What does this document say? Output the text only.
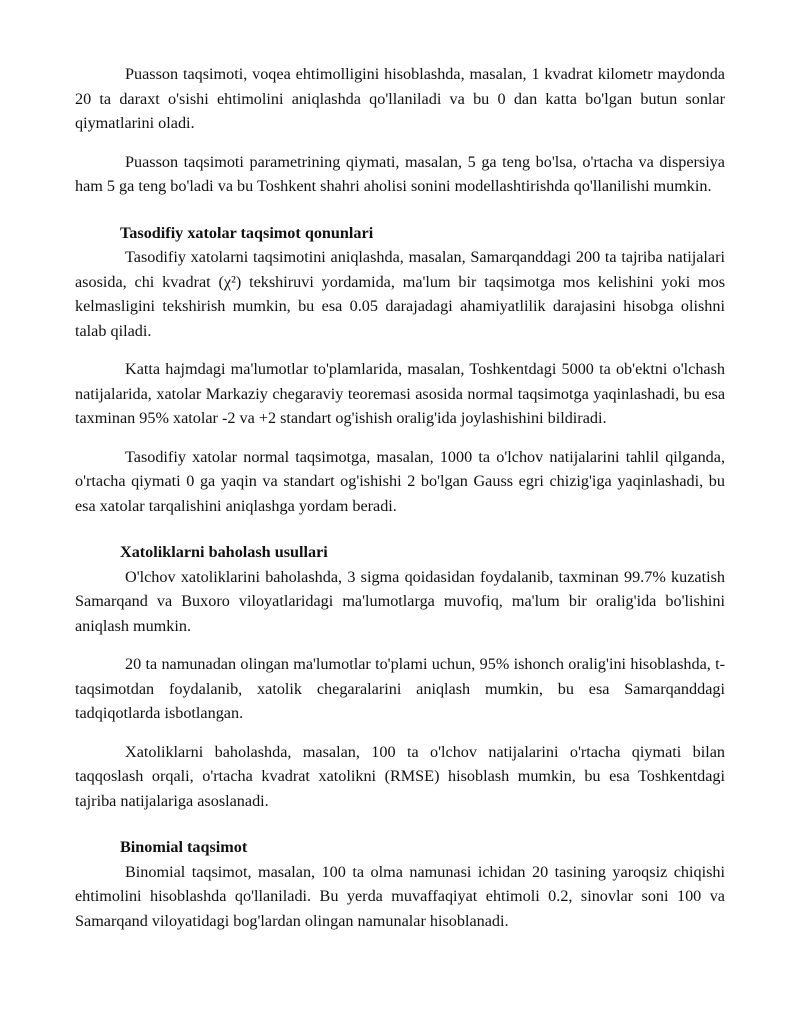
Puasson taqsimoti, voqea ehtimolligini hisoblashda, masalan, 1 kvadrat kilometr maydonda 20 ta daraxt o'sishi ehtimolini aniqlashda qo'llaniladi va bu 0 dan katta bo'lgan butun sonlar qiymatlarini oladi.

Puasson taqsimoti parametrining qiymati, masalan, 5 ga teng bo'lsa, o'rtacha va dispersiya ham 5 ga teng bo'ladi va bu Toshkent shahri aholisi sonini modellashtirishda qo'llanilishi mumkin.

Tasodifiy xatolar taqsimot qonunlari

Tasodifiy xatolarni taqsimotini aniqlashda, masalan, Samarqanddagi 200 ta tajriba natijalari asosida, chi kvadrat (χ²) tekshiruvi yordamida, ma'lum bir taqsimotga mos kelishini yoki mos kelmasligini tekshirish mumkin, bu esa 0.05 darajadagi ahamiyatlilik darajasini hisobga olishni talab qiladi.

Katta hajmdagi ma'lumotlar to'plamlarida, masalan, Toshkentdagi 5000 ta ob'ektni o'lchash natijalarida, xatolar Markaziy chegaraviy teoremasi asosida normal taqsimotga yaqinlashadi, bu esa taxminan 95% xatolar -2 va +2 standart og'ishish oralig'ida joylashishini bildiradi.

Tasodifiy xatolar normal taqsimotga, masalan, 1000 ta o'lchov natijalarini tahlil qilganda, o'rtacha qiymati 0 ga yaqin va standart og'ishishi 2 bo'lgan Gauss egri chizig'iga yaqinlashadi, bu esa xatolar tarqalishini aniqlashga yordam beradi.

Xatoliklarni baholash usullari

O'lchov xatoliklarini baholashda, 3 sigma qoidasidan foydalanib, taxminan 99.7% kuzatish Samarqand va Buxoro viloyatlaridagi ma'lumotlarga muvofiq, ma'lum bir oralig'ida bo'lishini aniqlash mumkin.

20 ta namunadan olingan ma'lumotlar to'plami uchun, 95% ishonch oralig'ini hisoblashda, t-taqsimotdan foydalanib, xatolik chegaralarini aniqlash mumkin, bu esa Samarqanddagi tadqiqotlarda isbotlangan.

Xatoliklarni baholashda, masalan, 100 ta o'lchov natijalarini o'rtacha qiymati bilan taqqoslash orqali, o'rtacha kvadrat xatolikni (RMSE) hisoblash mumkin, bu esa Toshkentdagi tajriba natijalariga asoslanadi.

Binomial taqsimot

Binomial taqsimot, masalan, 100 ta olma namunasi ichidan 20 tasining yaroqsiz chiqishi ehtimolini hisoblashda qo'llaniladi. Bu yerda muvaffaqiyat ehtimoli 0.2, sinovlar soni 100 va Samarqand viloyatidagi bog'lardan olingan namunalar hisoblanadi.
